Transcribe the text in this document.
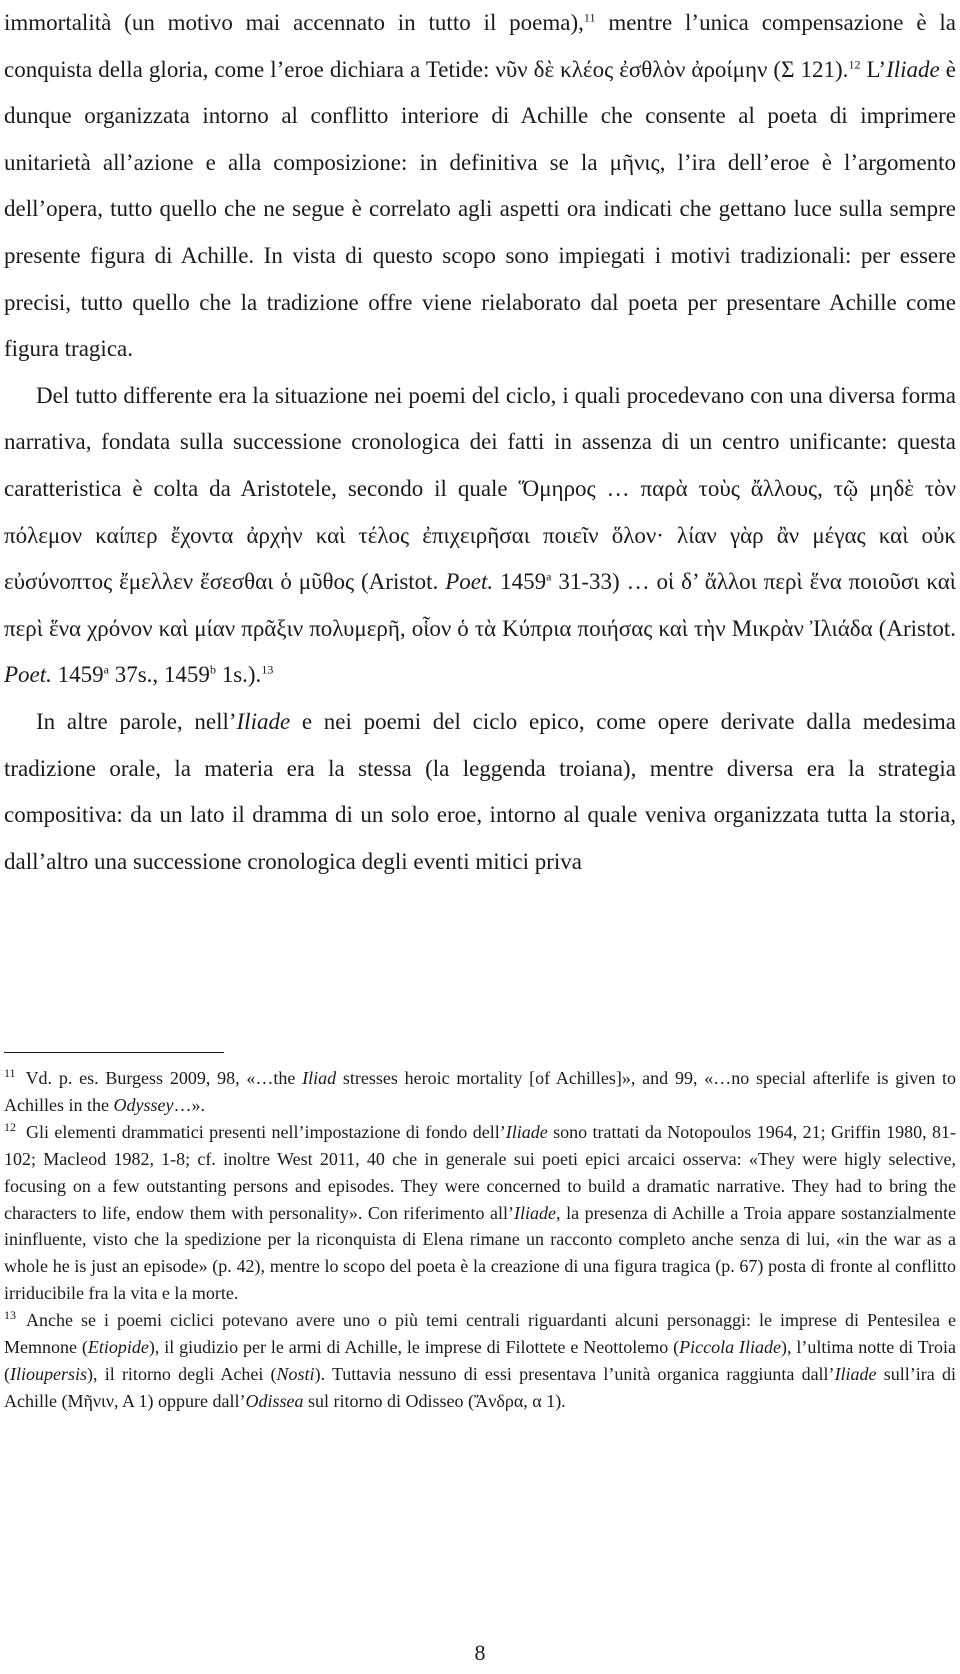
immortalità (un motivo mai accennato in tutto il poema),$^{11}$ mentre l’unica compensazione è la conquista della gloria, come l’eroe dichiara a Tetide: νῦν δὲ κλέος ἐσθλὸν ἀροίμην (Σ 121).$^{12}$ L’Iliade è dunque organizzata intorno al conflitto interiore di Achille che consente al poeta di imprimere unitarietà all’azione e alla composizione: in definitiva se la μῆνις, l’ira dell’eroe è l’argomento dell’opera, tutto quello che ne segue è correlato agli aspetti ora indicati che gettano luce sulla sempre presente figura di Achille. In vista di questo scopo sono impiegati i motivi tradizionali: per essere precisi, tutto quello che la tradizione offre viene rielaborato dal poeta per presentare Achille come figura tragica.

Del tutto differente era la situazione nei poemi del ciclo, i quali procedevano con una diversa forma narrativa, fondata sulla successione cronologica dei fatti in assenza di un centro unificante: questa caratteristica è colta da Aristotele, secondo il quale Ὅμηρος … παρὰ τοὺς ἄλλους, τῷ μηδὲ τὸν πόλεμον καίπερ ἔχοντα ἀρχὴν καὶ τέλος ἐπιχειρῆσαι ποιεῖν ὅλον· λίαν γὰρ ἂν μέγας καὶ οὐκ εὐσύνοπτος ἔμελλεν ἔσεσθαι ὁ μῦθος (Aristot. Poet. 1459$^a$ 31-33) … οἱ δ’ ἄλλοι περὶ ἕνα ποιοῦσι καὶ περὶ ἕνα χρόνον καὶ μίαν πρᾶξιν πολυμερῆ, οἷον ὁ τὰ Κύπρια ποιήσας καὶ τὴν Μικρὰν Ἰλιάδα (Aristot. Poet. 1459$^a$ 37s., 1459$^b$ 1s.).$^{13}$

In altre parole, nell’Iliade e nei poemi del ciclo epico, come opere derivate dalla medesima tradizione orale, la materia era la stessa (la leggenda troiana), mentre diversa era la strategia compositiva: da un lato il dramma di un solo eroe, intorno al quale veniva organizzata tutta la storia, dall’altro una successione cronologica degli eventi mitici priva

$^{11}$ Vd. p. es. Burgess 2009, 98, «…the Iliad stresses heroic mortality [of Achilles]», and 99, «…no special afterlife is given to Achilles in the Odyssey…».

$^{12}$ Gli elementi drammatici presenti nell’impostazione di fondo dell’Iliade sono trattati da Notopoulos 1964, 21; Griffin 1980, 81-102; Macleod 1982, 1-8; cf. inoltre West 2011, 40 che in generale sui poeti epici arcaici osserva: «They were higly selective, focusing on a few outstanting persons and episodes. They were concerned to build a dramatic narrative. They had to bring the characters to life, endow them with personality». Con riferimento all’Iliade, la presenza di Achille a Troia appare sostanzialmente ininfluente, visto che la spedizione per la riconquista di Elena rimane un racconto completo anche senza di lui, «in the war as a whole he is just an episode» (p. 42), mentre lo scopo del poeta è la creazione di una figura tragica (p. 67) posta di fronte al conflitto irriducibile fra la vita e la morte.

$^{13}$ Anche se i poemi ciclici potevano avere uno o più temi centrali riguardanti alcuni personaggi: le imprese di Pentesilea e Memnone (Etiopide), il giudizio per le armi di Achille, le imprese di Filottete e Neottolemo (Piccola Iliade), l’ultima notte di Troia (Ilioupersis), il ritorno degli Achei (Nosti). Tuttavia nessuno di essi presentava l’unità organica raggiunta dall’Iliade sull’ira di Achille (Μῆνιν, Α 1) oppure dall’Odissea sul ritorno di Odisseo (Ἄνδρα, α 1).

8
